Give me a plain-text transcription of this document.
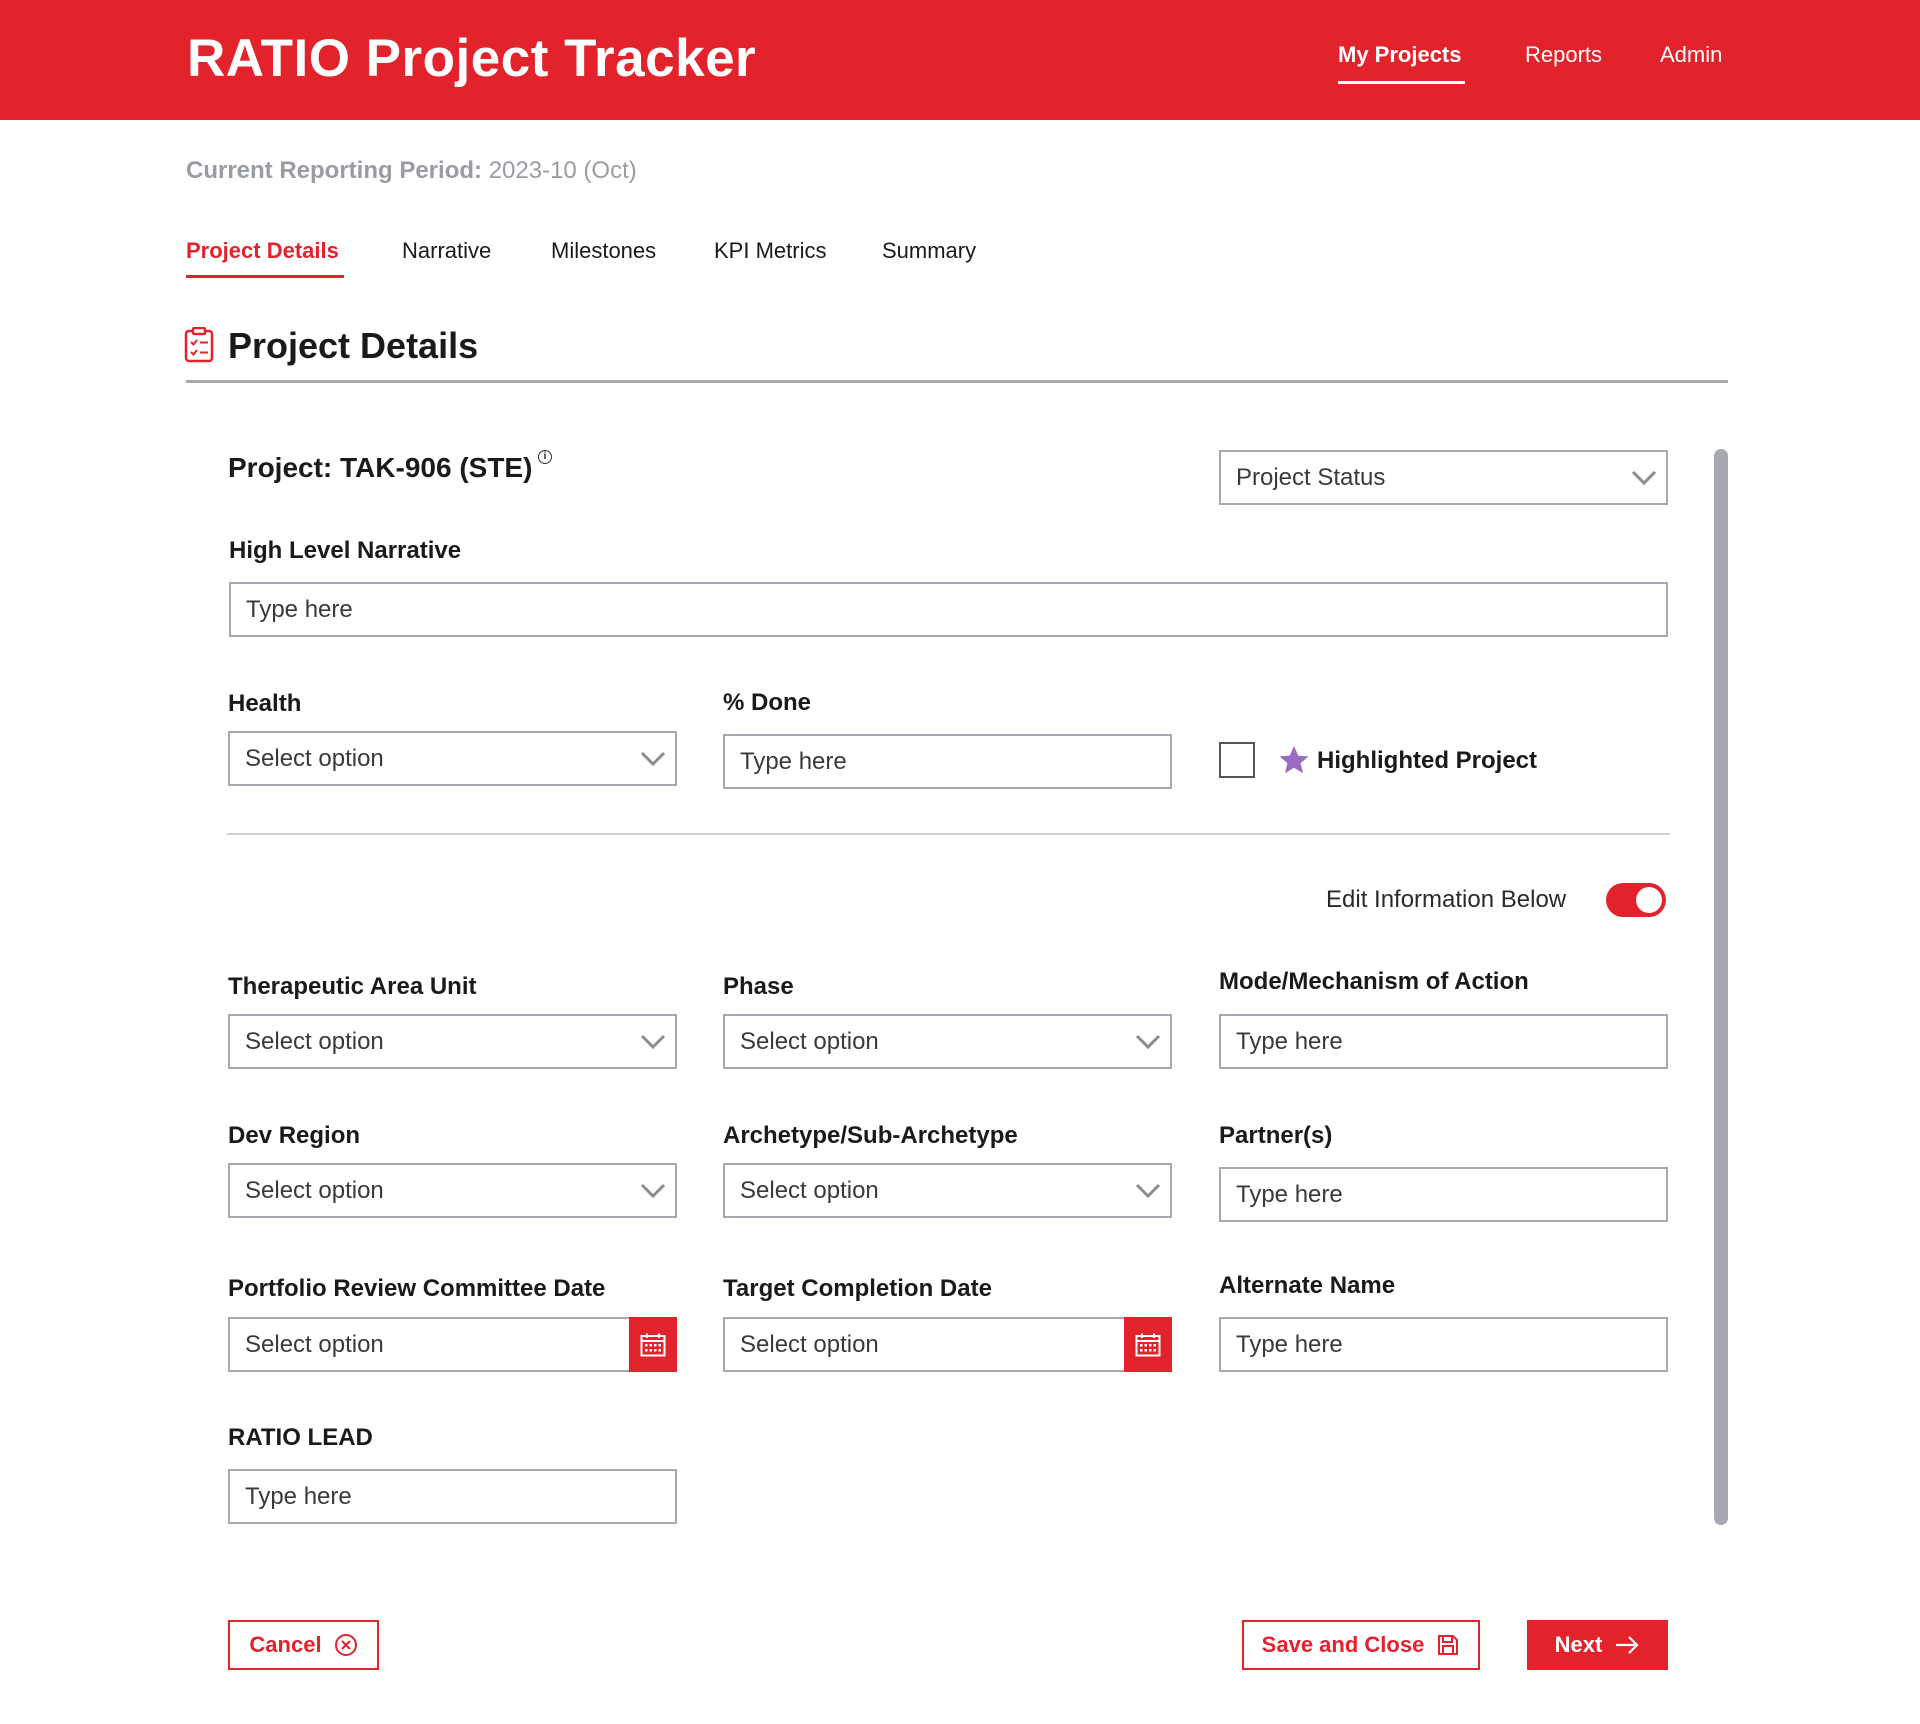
RATIO Project Tracker	My Projects	Reports	Admin
Current Reporting Period: 2023-10 (Oct)
Project Details	Narrative	Milestones	KPI Metrics	Summary
Project Details
Project: TAK-906 (STE)	i
Project Status
High Level Narrative
Type here
Health
Select option
% Done
Type here	Highlighted Project
Edit Information Below
Therapeutic Area Unit
Select option
Phase
Select option
Mode/Mechanism of Action
Type here
Dev Region
Select option
Archetype/Sub-Archetype
Select option
Partner(s)
Type here
Portfolio Review Committee Date
Select option
Target Completion Date
Select option
Alternate Name
Type here
RATIO LEAD
Type here
Cancel	Save and Close	Next
